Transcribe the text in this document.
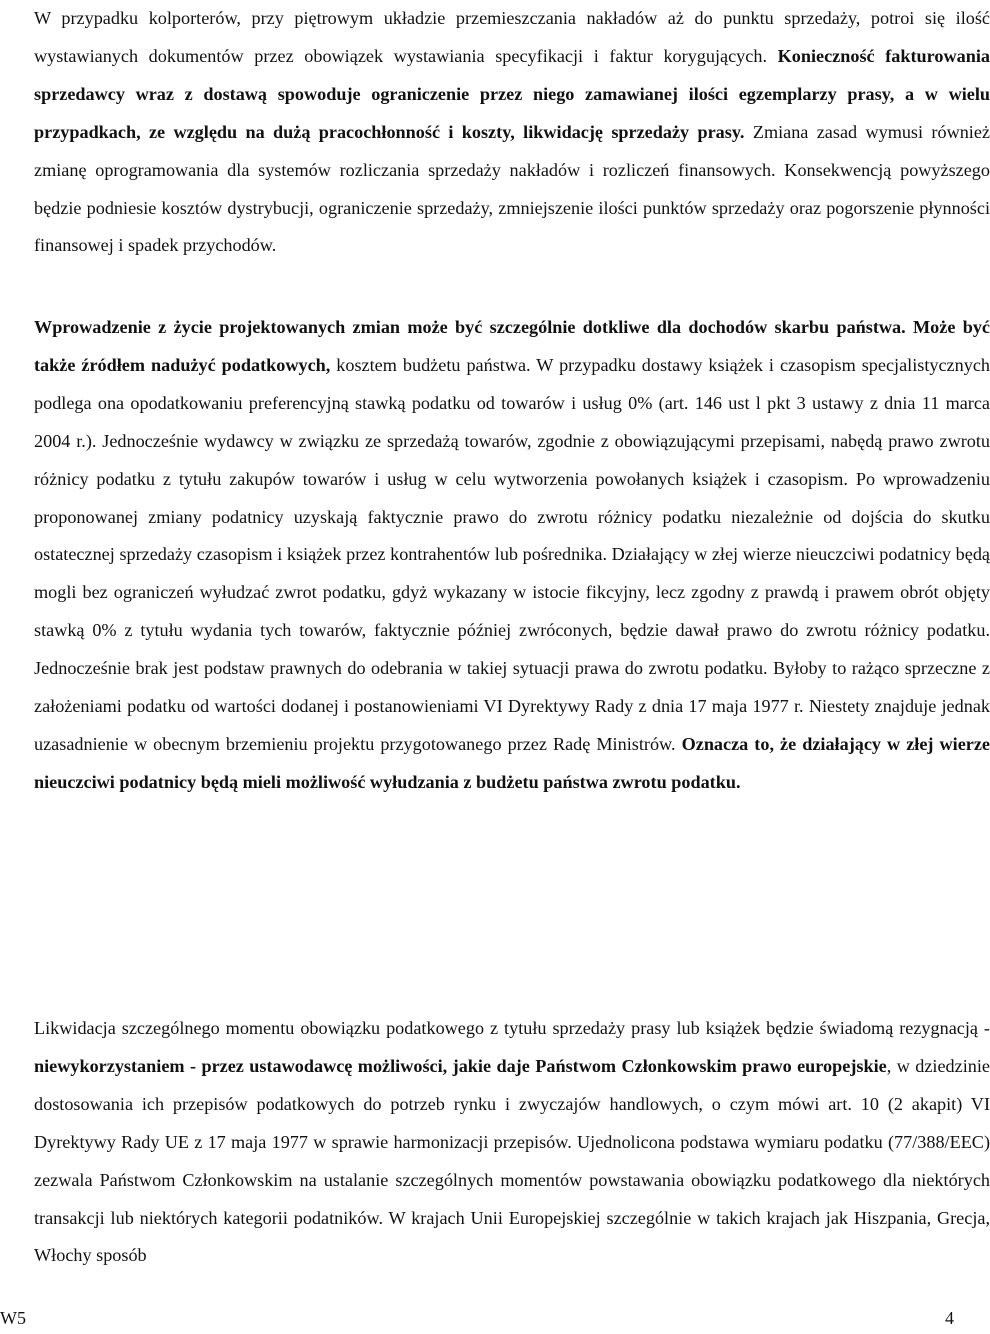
W przypadku kolporterów, przy piętrowym układzie przemieszczania nakładów aż do punktu sprzedaży, potroi się ilość wystawianych dokumentów przez obowiązek wystawiania specyfikacji i faktur korygujących. Konieczność fakturowania sprzedawcy wraz z dostawą spowoduje ograniczenie przez niego zamawianej ilości egzemplarzy prasy, a w wielu przypadkach, ze względu na dużą pracochłonność i koszty, likwidację sprzedaży prasy. Zmiana zasad wymusi również zmianę oprogramowania dla systemów rozliczania sprzedaży nakładów i rozliczeń finansowych. Konsekwencją powyższego będzie podniesie kosztów dystrybucji, ograniczenie sprzedaży, zmniejszenie ilości punktów sprzedaży oraz pogorszenie płynności finansowej i spadek przychodów.

Wprowadzenie z życie projektowanych zmian może być szczególnie dotkliwe dla dochodów skarbu państwa. Może być także źródłem nadużyć podatkowych, kosztem budżetu państwa. W przypadku dostawy książek i czasopism specjalistycznych podlega ona opodatkowaniu preferencyjną stawką podatku od towarów i usług 0% (art. 146 ust l pkt 3 ustawy z dnia 11 marca 2004 r.). Jednocześnie wydawcy w związku ze sprzedażą towarów, zgodnie z obowiązującymi przepisami, nabędą prawo zwrotu różnicy podatku z tytułu zakupów towarów i usług w celu wytworzenia powołanych książek i czasopism. Po wprowadzeniu proponowanej zmiany podatnicy uzyskają faktycznie prawo do zwrotu różnicy podatku niezależnie od dojścia do skutku ostatecznej sprzedaży czasopism i książek przez kontrahentów lub pośrednika. Działający w złej wierze nieuczciwi podatnicy będą mogli bez ograniczeń wyłudzać zwrot podatku, gdyż wykazany w istocie fikcyjny, lecz zgodny z prawdą i prawem obrót objęty stawką 0% z tytułu wydania tych towarów, faktycznie później zwróconych, będzie dawał prawo do zwrotu różnicy podatku. Jednocześnie brak jest podstaw prawnych do odebrania w takiej sytuacji prawa do zwrotu podatku. Byłoby to rażąco sprzeczne z założeniami podatku od wartości dodanej i postanowieniami VI Dyrektywy Rady z dnia 17 maja 1977 r. Niestety znajduje jednak uzasadnienie w obecnym brzemieniu projektu przygotowanego przez Radę Ministrów. Oznacza to, że działający w złej wierze nieuczciwi podatnicy będą mieli możliwość wyłudzania z budżetu państwa zwrotu podatku.

Likwidacja szczególnego momentu obowiązku podatkowego z tytułu sprzedaży prasy lub książek będzie świadomą rezygnacją - niewykorzystaniem - przez ustawodawcę możliwości, jakie daje Państwom Członkowskim prawo europejskie, w dziedzinie dostosowania ich przepisów podatkowych do potrzeb rynku i zwyczajów handlowych, o czym mówi art. 10 (2 akapit) VI Dyrektywy Rady UE z 17 maja 1977 w sprawie harmonizacji przepisów. Ujednolicona podstawa wymiaru podatku (77/388/EEC) zezwala Państwom Członkowskim na ustalanie szczególnych momentów powstawania obowiązku podatkowego dla niektórych transakcji lub niektórych kategorii podatników. W krajach Unii Europejskiej szczególnie w takich krajach jak Hiszpania, Grecja, Włochy sposób

W5	4
